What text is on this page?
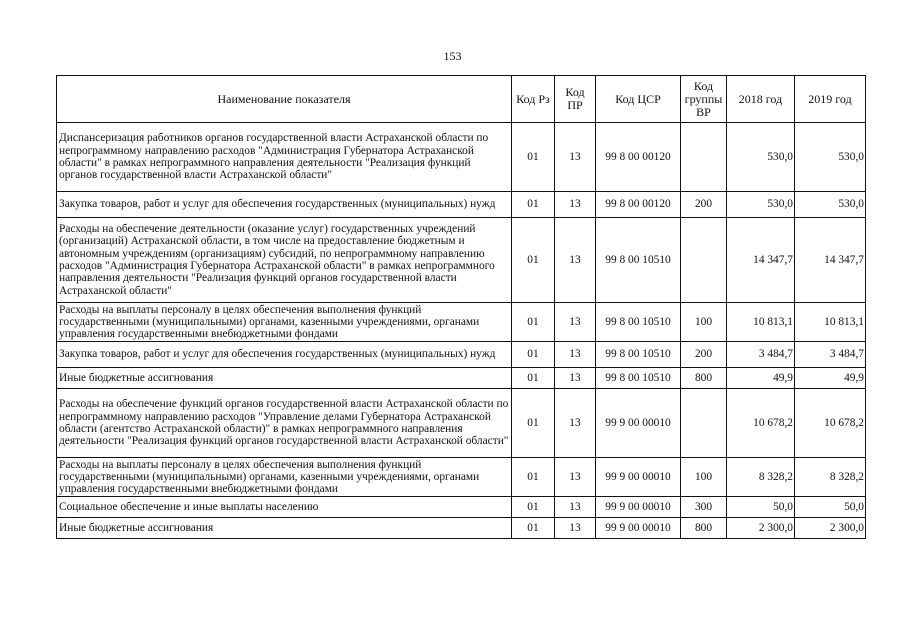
153
Наименование показателя	Код Рз	Код ПР	Код ЦСР	Код группы ВР	2018 год	2019 год
Диспансеризация работников органов государственной власти Астраханской области по непрограммному направлению расходов "Администрация Губернатора Астраханской области" в рамках непрограммного направления деятельности "Реализация функций органов государственной власти Астраханской области"	01	13	99 8 00 00120		530,0	530,0
Закупка товаров, работ и услуг для обеспечения государственных (муниципальных) нужд	01	13	99 8 00 00120	200	530,0	530,0
Расходы на обеспечение деятельности (оказание услуг) государственных учреждений (организаций) Астраханской области, в том числе на предоставление бюджетным и автономным учреждениям (организациям) субсидий, по непрограммному направлению расходов "Администрация Губернатора Астраханской области" в рамках непрограммного направления деятельности "Реализация функций органов государственной власти Астраханской области"	01	13	99 8 00 10510		14 347,7	14 347,7
Расходы на выплаты персоналу в целях обеспечения выполнения функций государственными (муниципальными) органами, казенными учреждениями, органами управления государственными внебюджетными фондами	01	13	99 8 00 10510	100	10 813,1	10 813,1
Закупка товаров, работ и услуг для обеспечения государственных (муниципальных) нужд	01	13	99 8 00 10510	200	3 484,7	3 484,7
Иные бюджетные ассигнования	01	13	99 8 00 10510	800	49,9	49,9
Расходы на обеспечение функций органов государственной власти Астраханской области по непрограммному направлению расходов "Управление делами Губернатора Астраханской области (агентство Астраханской области)" в рамках непрограммного направления деятельности "Реализация функций органов государственной власти Астраханской области"	01	13	99 9 00 00010		10 678,2	10 678,2
Расходы на выплаты персоналу в целях обеспечения выполнения функций государственными (муниципальными) органами, казенными учреждениями, органами управления государственными внебюджетными фондами	01	13	99 9 00 00010	100	8 328,2	8 328,2
Социальное обеспечение и иные выплаты населению	01	13	99 9 00 00010	300	50,0	50,0
Иные бюджетные ассигнования	01	13	99 9 00 00010	800	2 300,0	2 300,0
